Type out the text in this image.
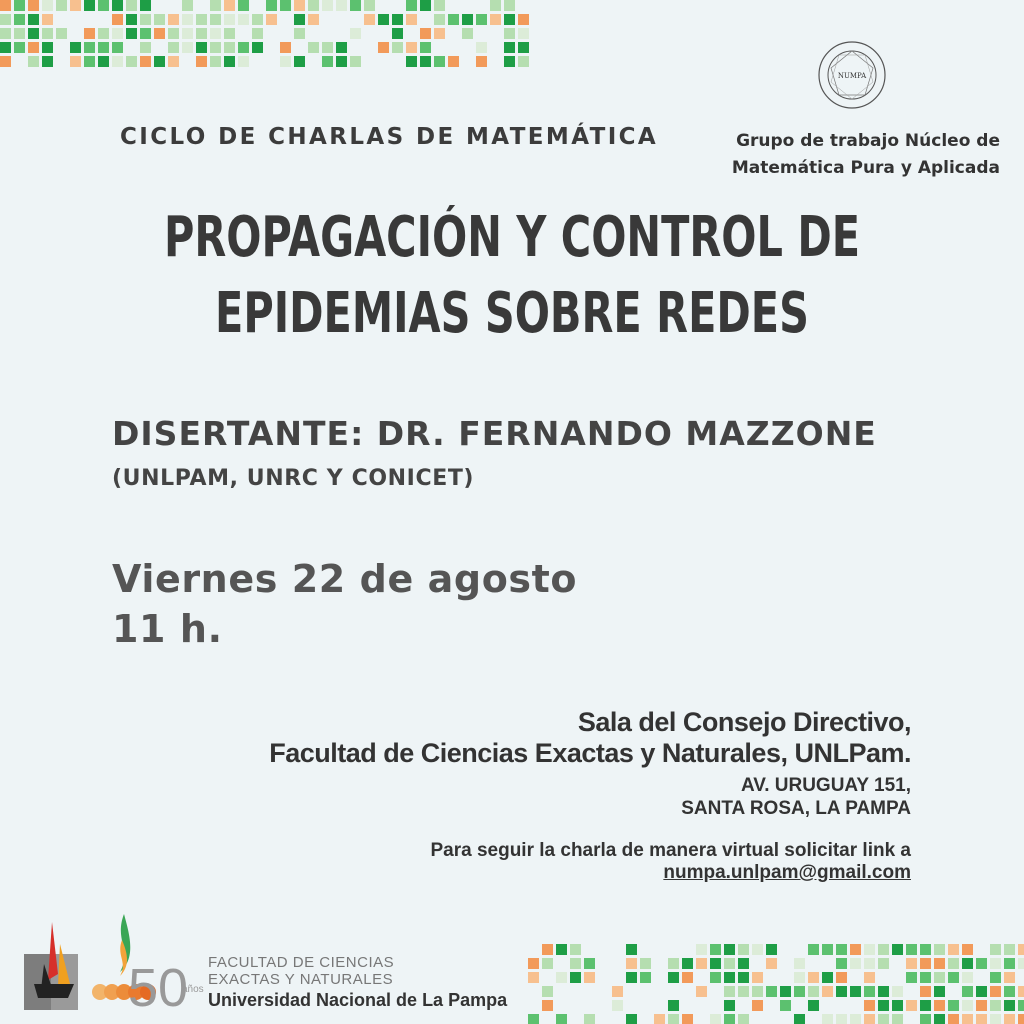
CICLO DE CHARLAS DE MATEMÁTICA
NUMPA
Grupo de trabajo Núcleo de
Matemática Pura y Aplicada
PROPAGACIÓN Y CONTROL DE
EPIDEMIAS SOBRE REDES
DISERTANTE: DR. FERNANDO MAZZONE
(UNLPAM, UNRC Y CONICET)
Viernes 22 de agosto
11 h.
Sala del Consejo Directivo,
Facultad de Ciencias Exactas y Naturales, UNLPam.
AV. URUGUAY 151,
SANTA ROSA, LA PAMPA
Para seguir la charla de manera virtual solicitar link a
numpa.unlpam@gmail.com
50
años
FACULTAD DE CIENCIAS
EXACTAS Y NATURALES
Universidad Nacional de La Pampa
